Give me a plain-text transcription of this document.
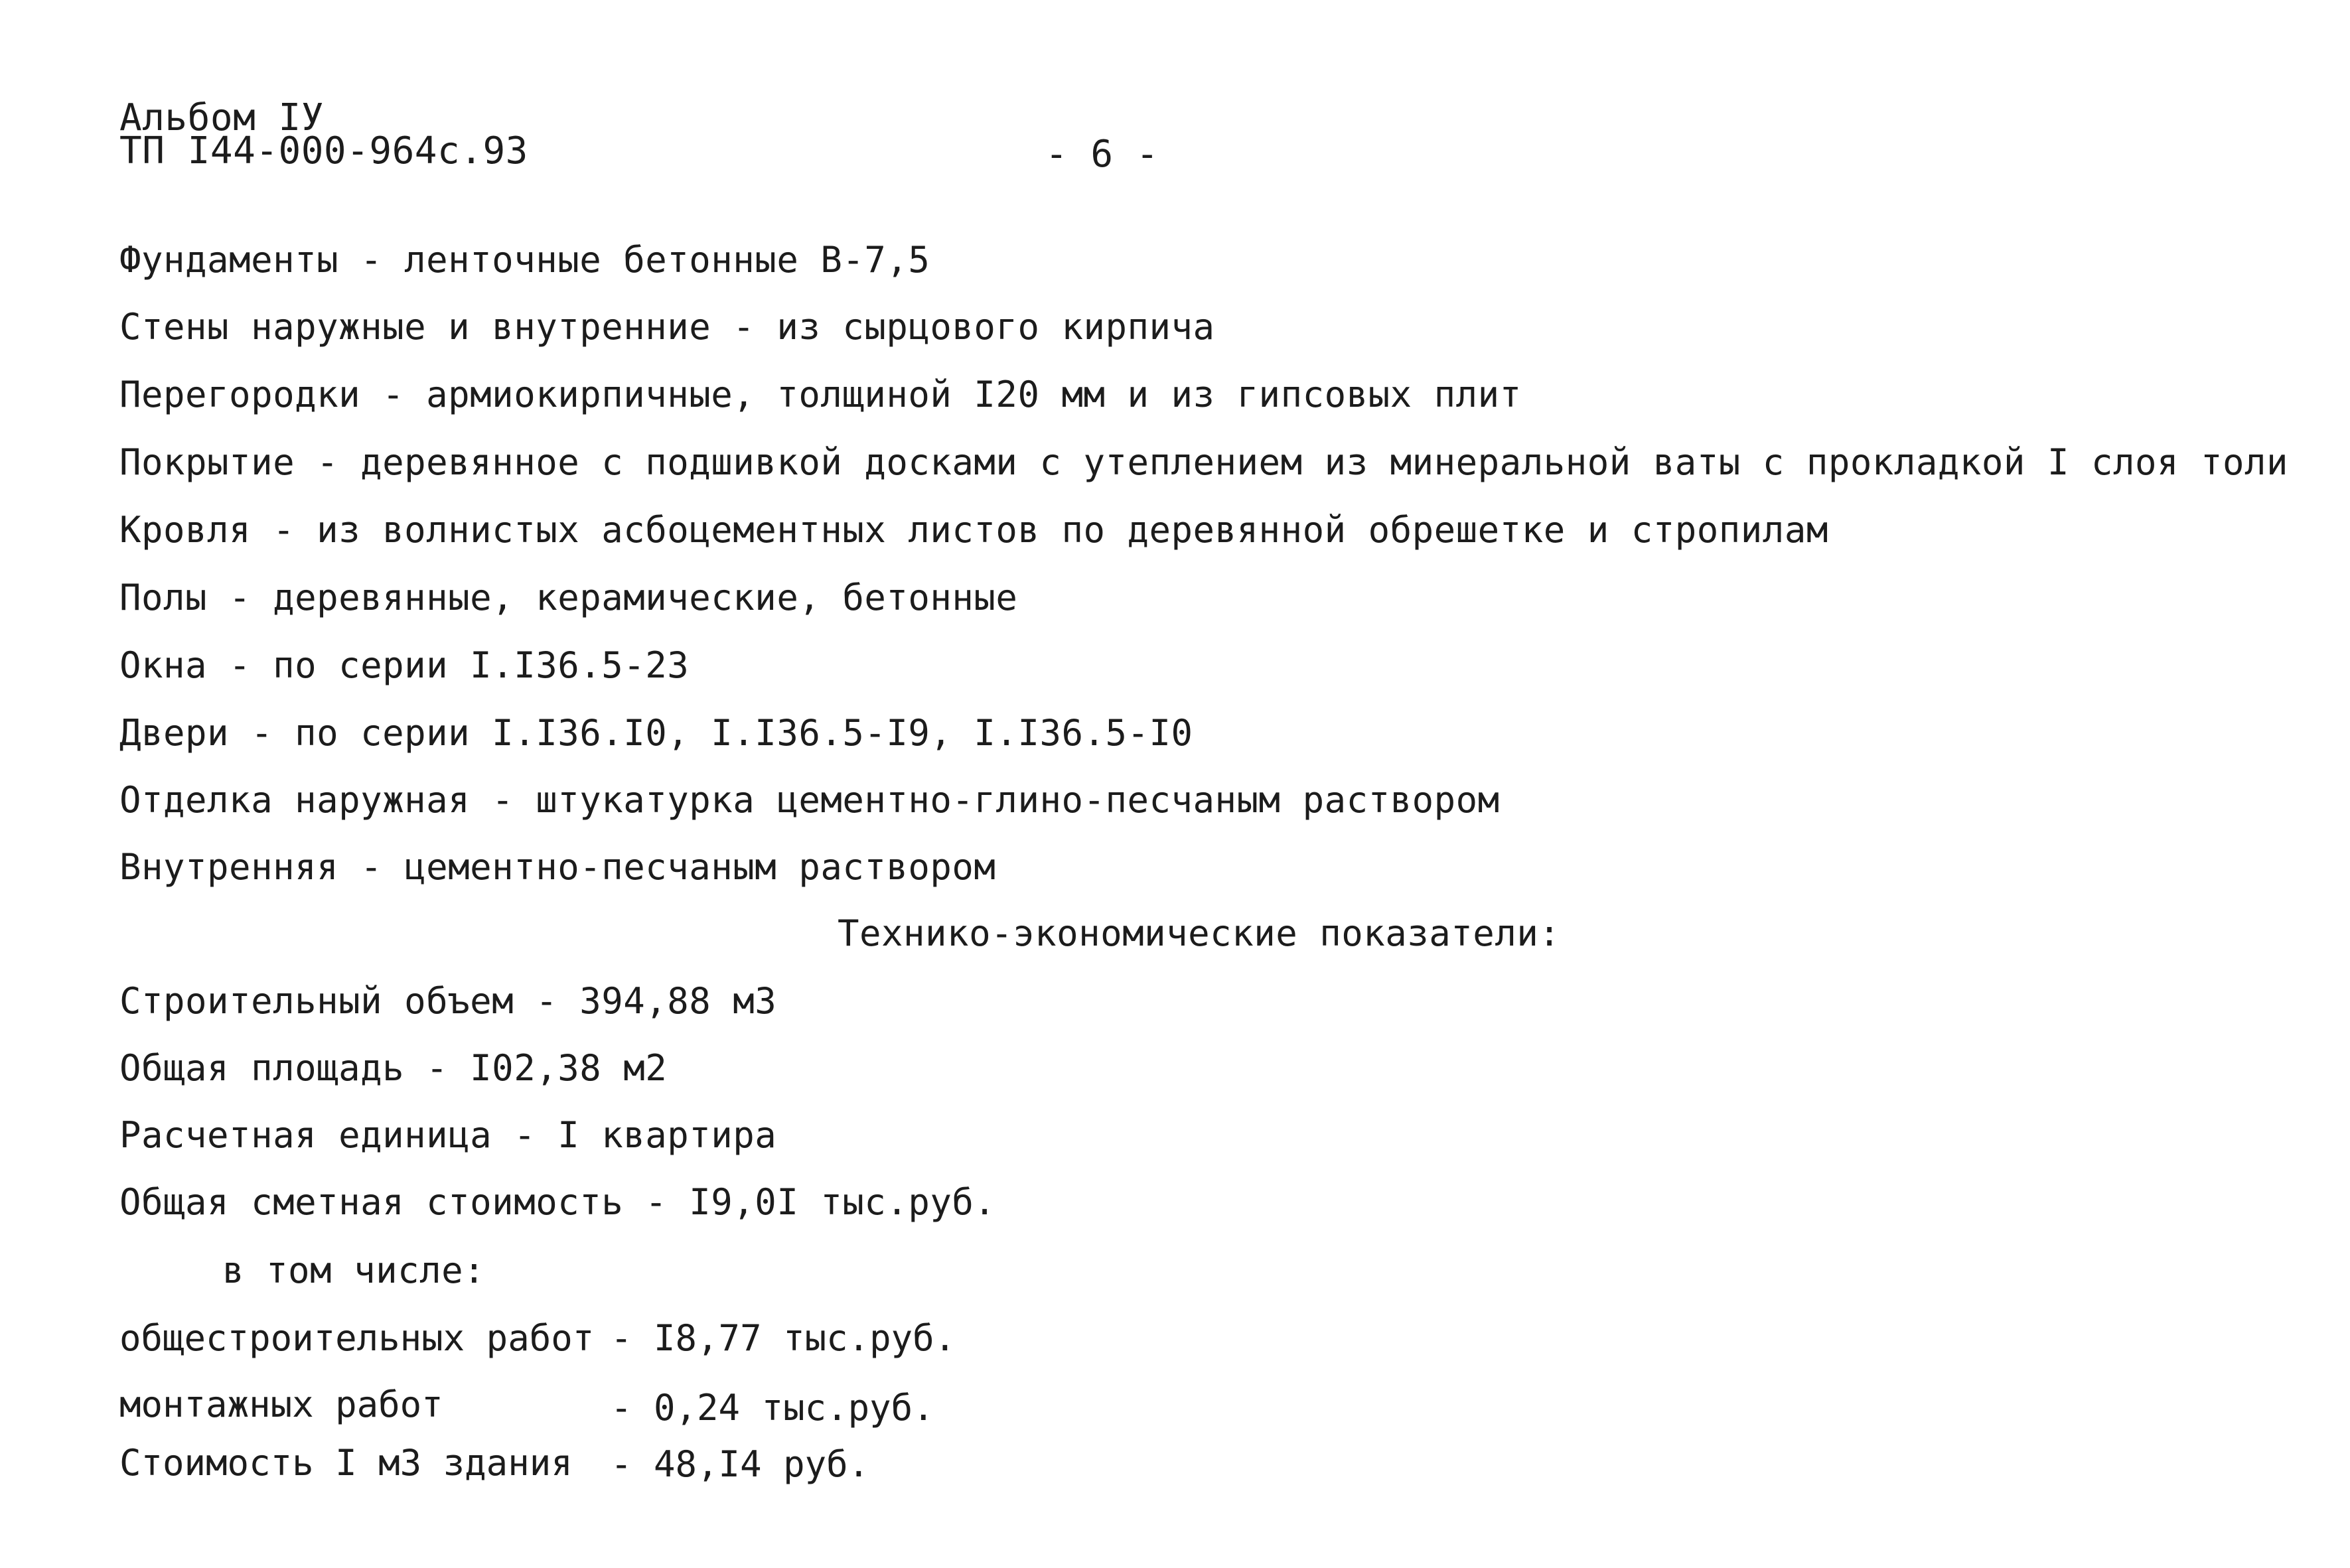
Альбом IУ
ТП I44-000-964с.93	- 6 -
Фундаменты - ленточные бетонные В-7,5
Стены наружные и внутренние - из сырцового кирпича
Перегородки - армиокирпичные, толщиной I20 мм и из гипсовых плит
Покрытие - деревянное с подшивкой досками с утеплением из минеральной ваты с прокладкой I слоя толи
Кровля - из волнистых асбоцементных листов по деревянной обрешетке и стропилам
Полы - деревянные, керамические, бетонные
Окна - по серии I.I36.5-23
Двери - по серии I.I36.I0, I.I36.5-I9, I.I36.5-I0
Отделка наружная - штукатурка цементно-глино-песчаным раствором
Внутренняя - цементно-песчаным раствором
Технико-экономические показатели:
Строительный объем - 394,88 м3
Общая площадь - I02,38 м2
Расчетная единица - I квартира
Общая сметная стоимость - I9,0I тыс.руб.
в том числе:
общестроительных работ - I8,77 тыс.руб.
монтажных работ	- 0,24 тыс.руб.
Стоимость I м3 здания - 48,I4 руб.
